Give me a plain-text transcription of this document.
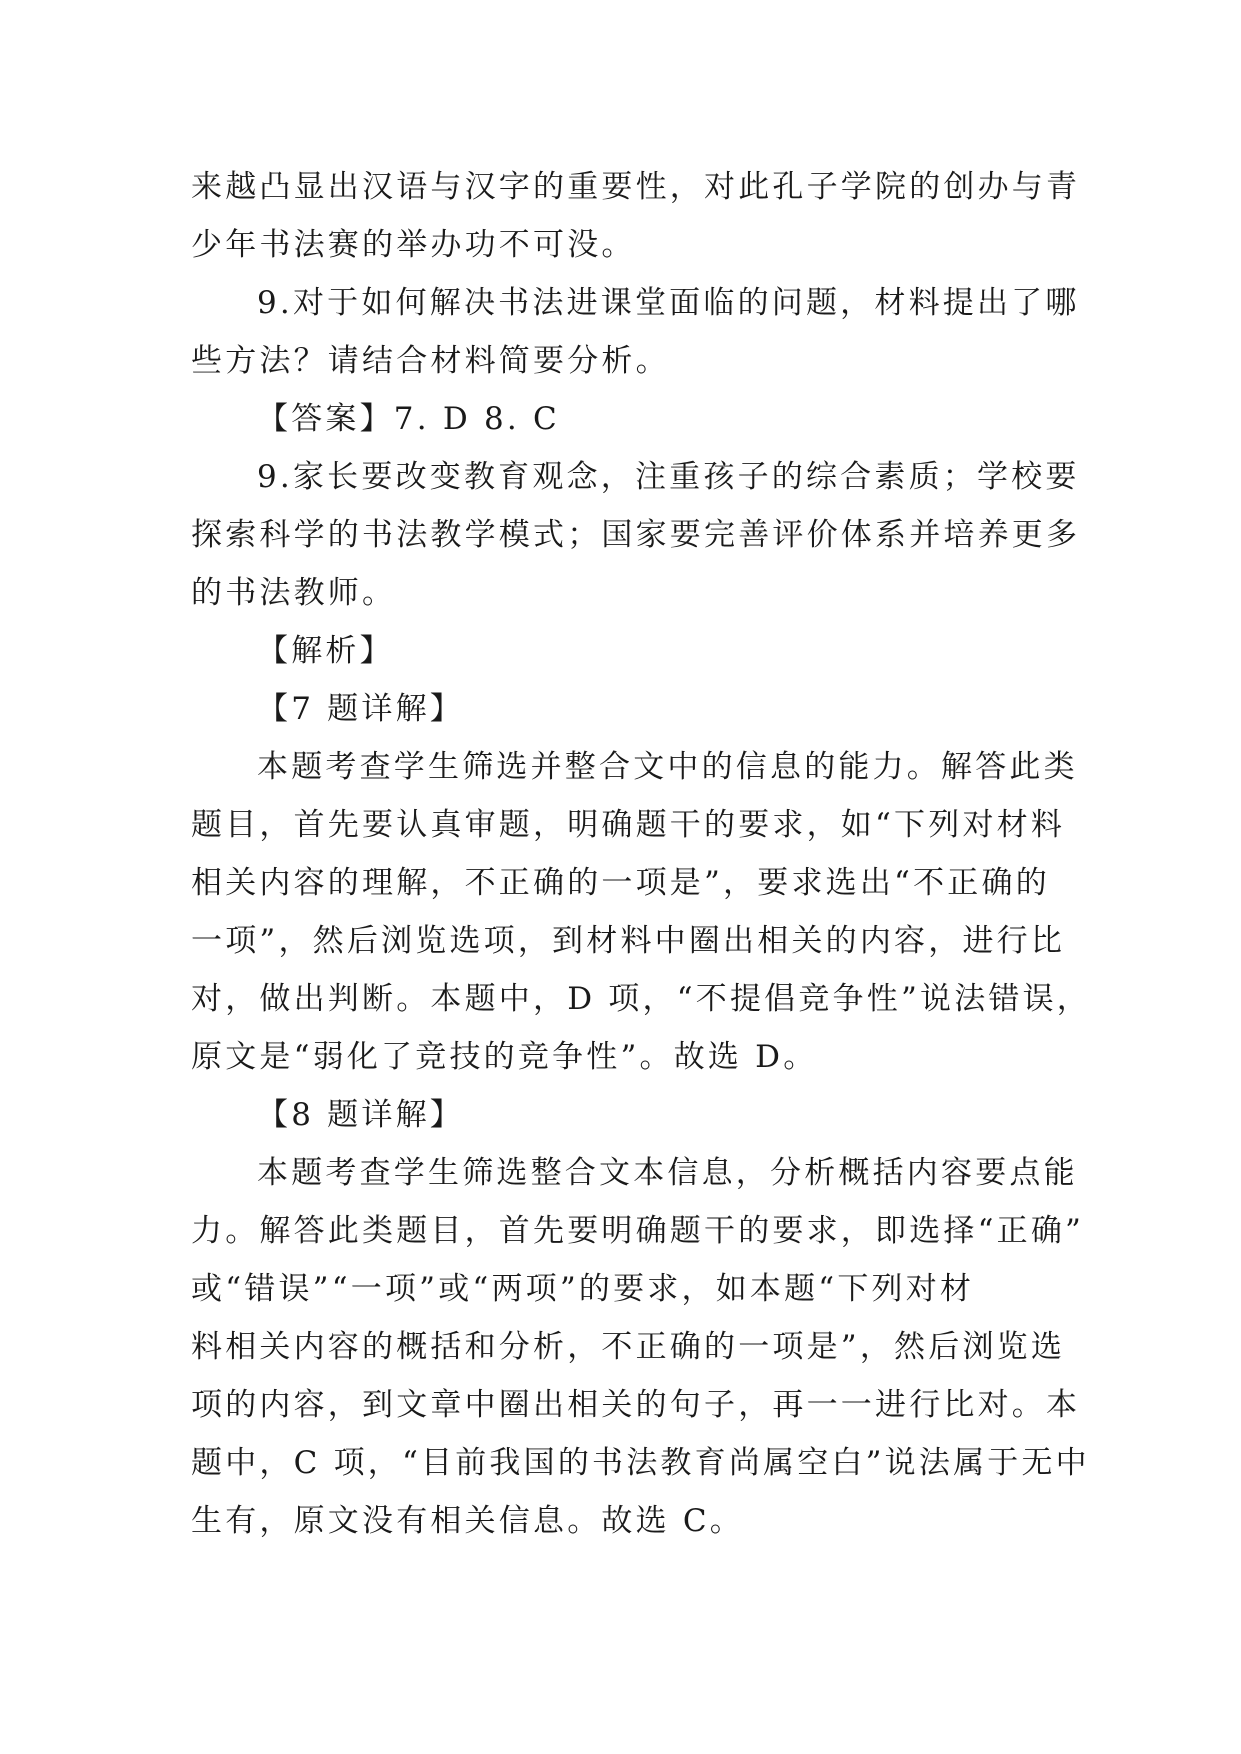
来越凸显出汉语与汉字的重要性，对此孔子学院的创办与青
少年书法赛的举办功不可没。
9.对于如何解决书法进课堂面临的问题，材料提出了哪
些方法？请结合材料简要分析。
【答案】7. D 8. C
9.家长要改变教育观念，注重孩子的综合素质；学校要
探索科学的书法教学模式；国家要完善评价体系并培养更多
的书法教师。
【解析】
【7 题详解】
本题考查学生筛选并整合文中的信息的能力。解答此类
题目，首先要认真审题，明确题干的要求，如“下列对材料
相关内容的理解，不正确的一项是”，要求选出“不正确的
一项”，然后浏览选项，到材料中圈出相关的内容，进行比
对，做出判断。本题中，D 项，“不提倡竞争性”说法错误，
原文是“弱化了竞技的竞争性”。故选 D。
【8 题详解】
本题考查学生筛选整合文本信息，分析概括内容要点能
力。解答此类题目，首先要明确题干的要求，即选择“正确”
或“错误”“一项”或“两项”的要求，如本题“下列对材
料相关内容的概括和分析，不正确的一项是”，然后浏览选
项的内容，到文章中圈出相关的句子，再一一进行比对。本
题中，C 项，“目前我国的书法教育尚属空白”说法属于无中
生有，原文没有相关信息。故选 C。
